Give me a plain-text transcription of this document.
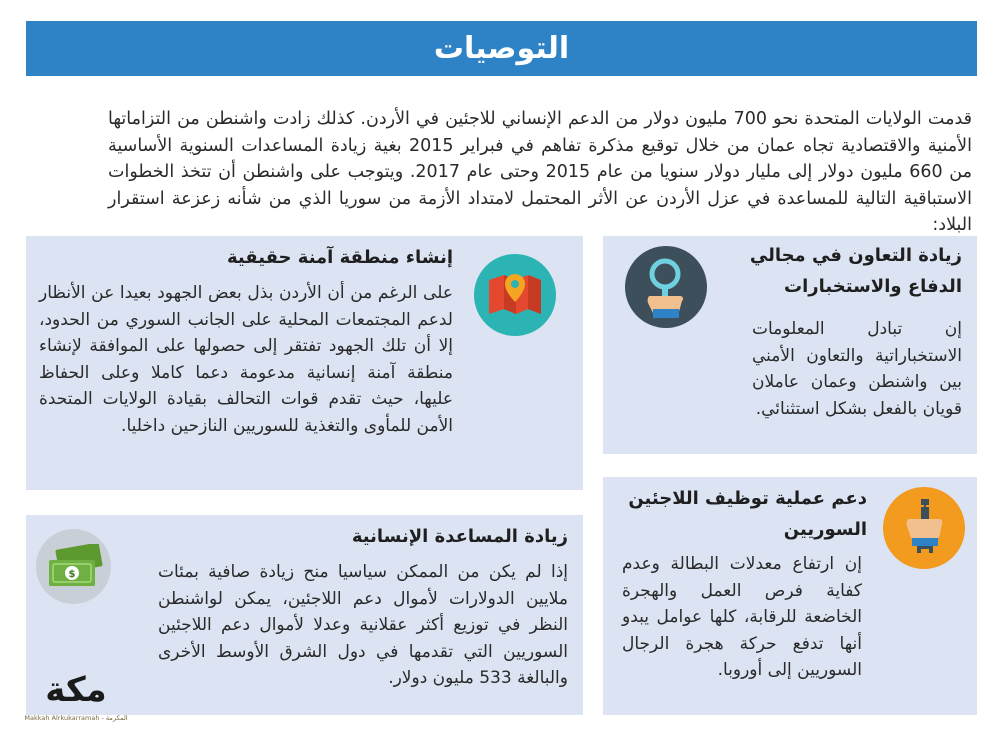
التوصيات

قدمت الولايات المتحدة نحو 700 مليون دولار من الدعم الإنساني للاجئين في الأردن. كذلك زادت واشنطن من التزاماتها الأمنية والاقتصادية تجاه عمان من خلال توقيع مذكرة تفاهم في فبراير 2015 بغية زيادة المساعدات السنوية الأساسية من 660 مليون دولار إلى مليار دولار سنويا من عام 2015 وحتى عام 2017. ويتوجب على واشنطن أن تتخذ الخطوات الاستباقية التالية للمساعدة في عزل الأردن عن الأثر المحتمل لامتداد الأزمة من سوريا الذي من شأنه زعزعة استقرار البلاد:

إنشاء منطقة آمنة حقيقية
على الرغم من أن الأردن بذل بعض الجهود بعيدا عن الأنظار لدعم المجتمعات المحلية على الجانب السوري من الحدود، إلا أن تلك الجهود تفتقر إلى حصولها على الموافقة لإنشاء منطقة آمنة إنسانية مدعومة دعما كاملا وعلى الحفاظ عليها، حيث تقدم قوات التحالف بقيادة الولايات المتحدة الأمن للمأوى والتغذية للسوريين النازحين داخليا.
زيادة التعاون في مجالي الدفاع والاستخبارات
إن تبادل المعلومات الاستخباراتية والتعاون الأمني بين واشنطن وعمان عاملان قويان بالفعل بشكل استثنائي.
زيادة المساعدة الإنسانية
إذا لم يكن من الممكن سياسيا منح زيادة صافية بمئات ملايين الدولارات لأموال دعم اللاجئين، يمكن لواشنطن النظر في توزيع أكثر عقلانية وعدلا لأموال دعم اللاجئين السوريين التي تقدمها في دول الشرق الأوسط الأخرى والبالغة 533 مليون دولار.
$
دعم عملية توظيف اللاجئين السوريين
إن ارتفاع معدلات البطالة وعدم كفاية فرص العمل والهجرة الخاضعة للرقابة، كلها عوامل يبدو أنها تدفع حركة هجرة الرجال السوريين إلى أوروبا.
مكة
Makkah Alrkukarramah - المكرمة
